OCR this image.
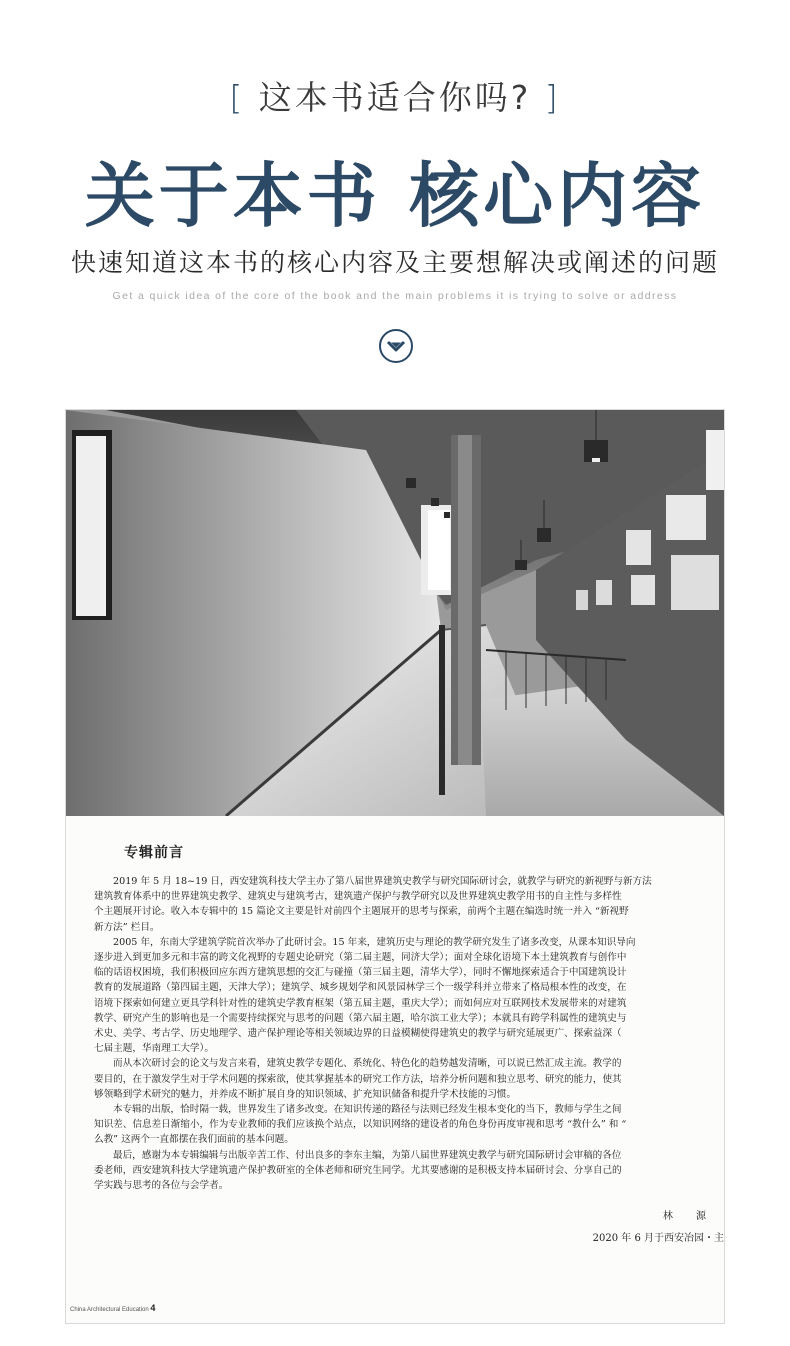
[ 这本书适合你吗? ]
关于本书 核心内容
快速知道这本书的核心内容及主要想解决或阐述的问题
Get a quick idea of the core of the book and the main problems it is trying to solve or address
专辑前言

2019 年 5 月 18~19 日，西安建筑科技大学主办了第八届世界建筑史教学与研究国际研讨会，就教学与研究的新视野与新方法
建筑教育体系中的世界建筑史教学、建筑史与建筑考古，建筑遗产保护与教学研究以及世界建筑史教学用书的自主性与多样性
个主题展开讨论。收入本专辑中的 15 篇论文主要是针对前四个主题展开的思考与探索，前两个主题在编选时统一并入 “新视野
新方法” 栏目。

2005 年，东南大学建筑学院首次举办了此研讨会。15 年来，建筑历史与理论的教学研究发生了诸多改变，从课本知识导向
逐步进入到更加多元和丰富的跨文化视野的专题史论研究（第二届主题，同济大学）；面对全球化语境下本土建筑教育与创作中
临的话语权困境，我们积极回应东西方建筑思想的交汇与碰撞（第三届主题，清华大学），同时不懈地探索适合于中国建筑设计
教育的发展道路（第四届主题，天津大学）；建筑学、城乡规划学和风景园林学三个一级学科并立带来了格局根本性的改变，在
语境下探索如何建立更具学科针对性的建筑史学教育框架（第五届主题，重庆大学）；而如何应对互联网技术发展带来的对建筑
教学、研究产生的影响也是一个需要持续探究与思考的问题（第六届主题，哈尔滨工业大学）；本就具有跨学科属性的建筑史与
术史、美学、考古学、历史地理学、遗产保护理论等相关领域边界的日益模糊使得建筑史的教学与研究延展更广、探索益深（
七届主题，华南理工大学）。

而从本次研讨会的论文与发言来看，建筑史教学专题化、系统化、特色化的趋势越发清晰，可以说已然汇成主流。教学的
要目的，在于激发学生对于学术问题的探索欲，使其掌握基本的研究工作方法，培养分析问题和独立思考、研究的能力，使其
够领略到学术研究的魅力，并养成不断扩展自身的知识领域、扩充知识储备和提升学术技能的习惯。

本专辑的出版，恰时隔一载，世界发生了诸多改变。在知识传递的路径与法则已经发生根本变化的当下，教师与学生之间
知识差、信息差日渐缩小，作为专业教师的我们应该换个站点，以知识网络的建设者的角色身份再度审视和思考 “教什么” 和 “
么教” 这两个一直都摆在我们面前的基本问题。

最后，感谢为本专辑编辑与出版辛苦工作、付出良多的李东主编，为第八届世界建筑史教学与研究国际研讨会审稿的各位
委老师，西安建筑科技大学建筑遗产保护教研室的全体老师和研究生同学。尤其要感谢的是积极支持本届研讨会、分享自己的
学实践与思考的各位与会学者。

林 源
2020 年 6 月于西安冶园・主
China Architectural Education 4
